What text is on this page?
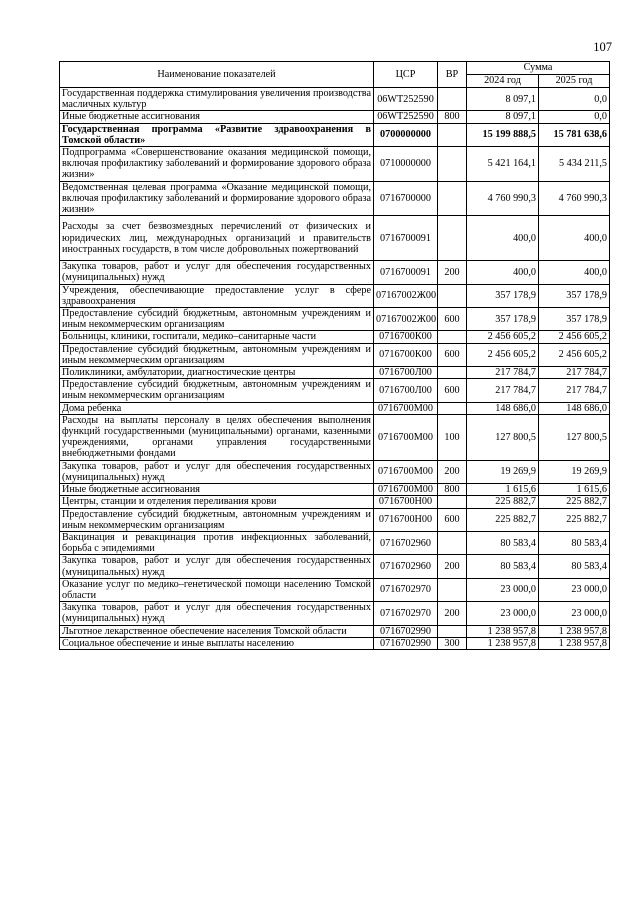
107
Наименование показателей	ЦСР	ВР	Сумма	
			2024 год	2025 год
Государственная поддержка стимулирования увеличения производства масличных культур	06WT252590		8 097,1	0,0
Иные бюджетные ассигнования	06WT252590	800	8 097,1	0,0
Государственная программа «Развитие здравоохранения в Томской области»	0700000000		15 199 888,5	15 781 638,6
Подпрограмма «Совершенствование оказания медицинской помощи, включая профилактику заболеваний и формирование здорового образа жизни»	0710000000		5 421 164,1	5 434 211,5
Ведомственная целевая программа «Оказание медицинской помощи, включая профилактику заболеваний и формирование здорового образа жизни»	0716700000		4 760 990,3	4 760 990,3
Расходы за счет безвозмездных перечислений от физических и юридических лиц, международных организаций и правительств иностранных государств, в том числе добровольных пожертвований	0716700091		400,0	400,0
Закупка товаров, работ и услуг для обеспечения государственных (муниципальных) нужд	0716700091	200	400,0	400,0
Учреждения, обеспечивающие предоставление услуг в сфере здравоохранения	07167002Ж00		357 178,9	357 178,9
Предоставление субсидий бюджетным, автономным учреждениям и иным некоммерческим организациям	07167002Ж00	600	357 178,9	357 178,9
Больницы, клиники, госпитали, медико–санитарные части	0716700К00		2 456 605,2	2 456 605,2
Предоставление субсидий бюджетным, автономным учреждениям и иным некоммерческим организациям	0716700К00	600	2 456 605,2	2 456 605,2
Поликлиники, амбулатории, диагностические центры	0716700Л00		217 784,7	217 784,7
Предоставление субсидий бюджетным, автономным учреждениям и иным некоммерческим организациям	0716700Л00	600	217 784,7	217 784,7
Дома ребенка	0716700М00		148 686,0	148 686,0
Расходы на выплаты персоналу в целях обеспечения выполнения функций государственными (муниципальными) органами, казенными учреждениями, органами управления государственными внебюджетными фондами	0716700М00	100	127 800,5	127 800,5
Закупка товаров, работ и услуг для обеспечения государственных (муниципальных) нужд	0716700М00	200	19 269,9	19 269,9
Иные бюджетные ассигнования	0716700М00	800	1 615,6	1 615,6
Центры, станции и отделения переливания крови	0716700Н00		225 882,7	225 882,7
Предоставление субсидий бюджетным, автономным учреждениям и иным некоммерческим организациям	0716700Н00	600	225 882,7	225 882,7
Вакцинация и ревакцинация против инфекционных заболеваний, борьба с эпидемиями	0716702960		80 583,4	80 583,4
Закупка товаров, работ и услуг для обеспечения государственных (муниципальных) нужд	0716702960	200	80 583,4	80 583,4
Оказание услуг по медико–генетической помощи населению Томской области	0716702970		23 000,0	23 000,0
Закупка товаров, работ и услуг для обеспечения государственных (муниципальных) нужд	0716702970	200	23 000,0	23 000,0
Льготное лекарственное обеспечение населения Томской области	0716702990		1 238 957,8	1 238 957,8
Социальное обеспечение и иные выплаты населению	0716702990	300	1 238 957,8	1 238 957,8
